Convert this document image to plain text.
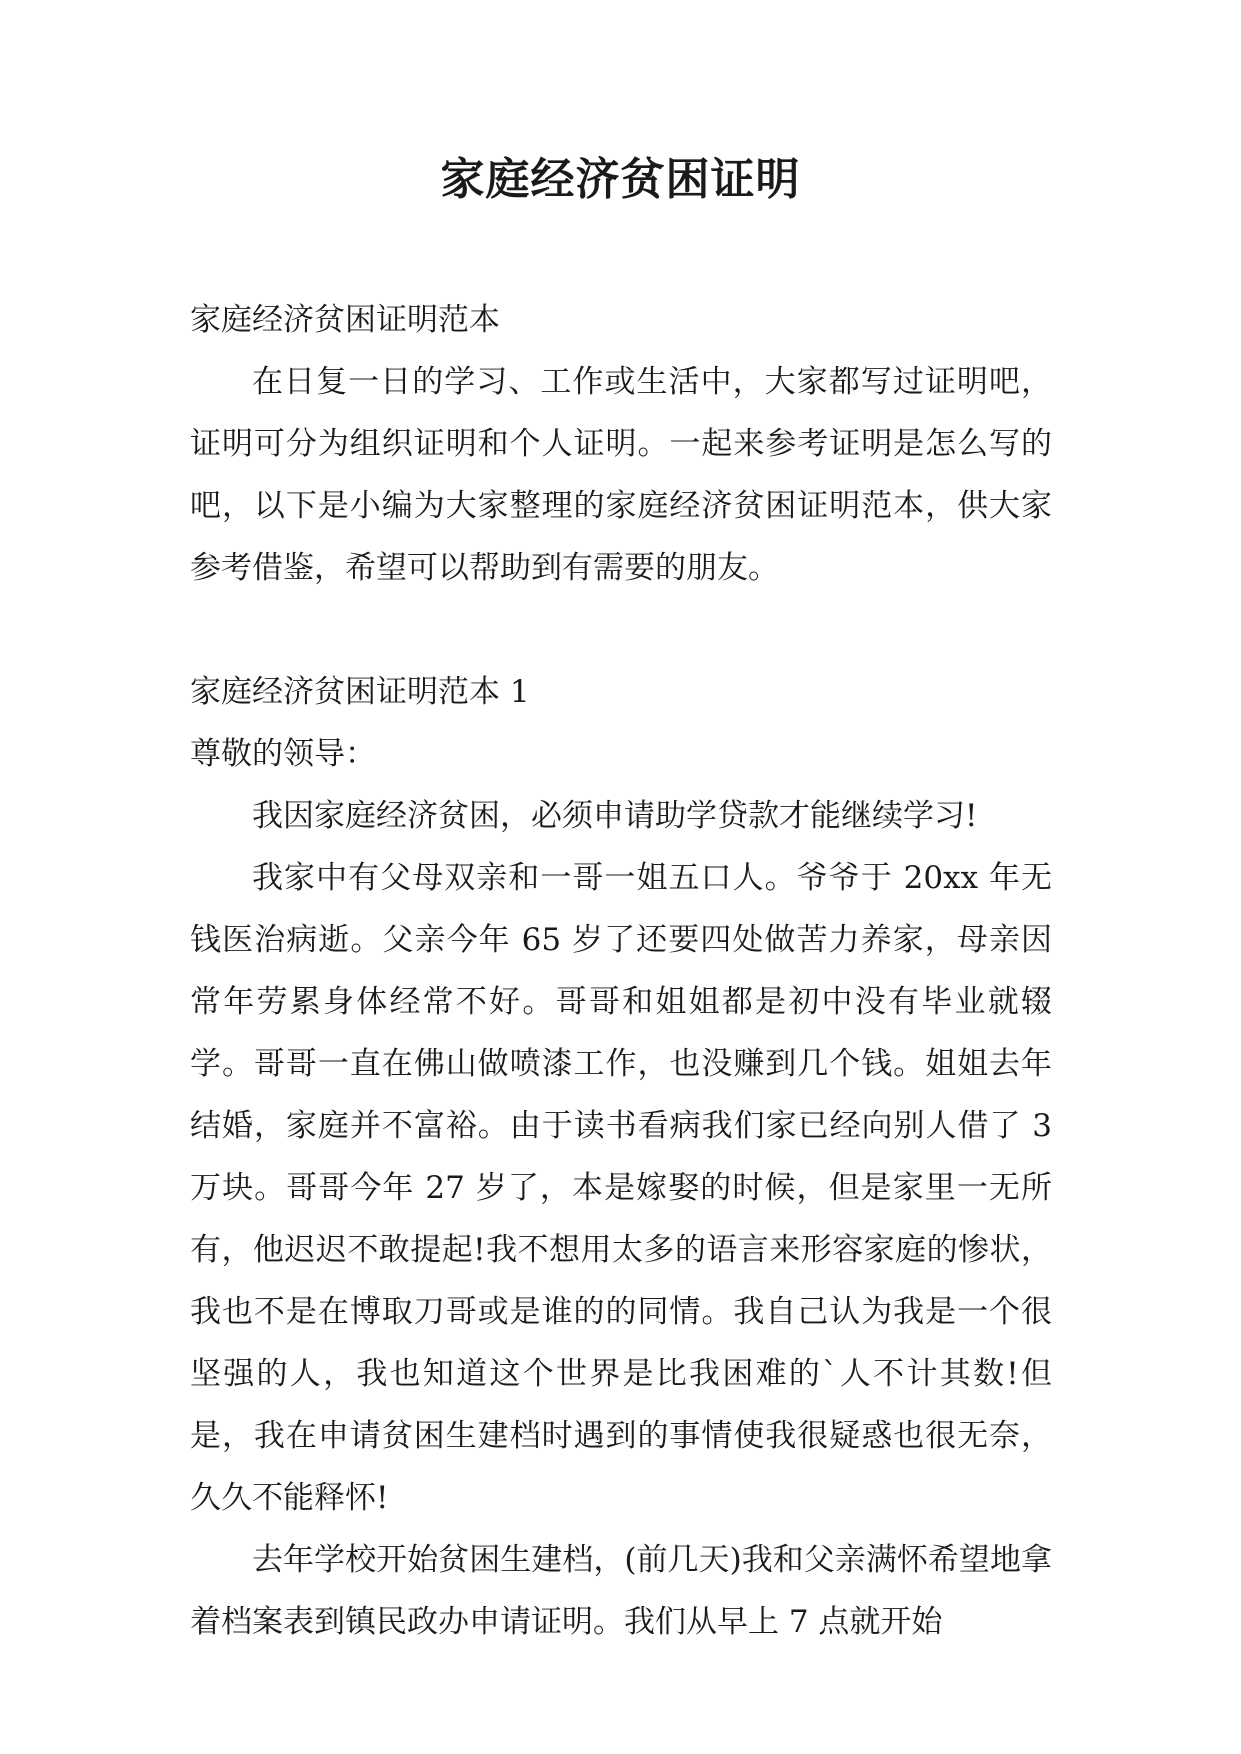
家庭经济贫困证明

家庭经济贫困证明范本

在日复一日的学习、工作或生活中，大家都写过证明吧，证明可分为组织证明和个人证明。一起来参考证明是怎么写的吧，以下是小编为大家整理的家庭经济贫困证明范本，供大家参考借鉴，希望可以帮助到有需要的朋友。

家庭经济贫困证明范本 1

尊敬的领导：

我因家庭经济贫困，必须申请助学贷款才能继续学习!

我家中有父母双亲和一哥一姐五口人。爷爷于 20xx 年无钱医治病逝。父亲今年 65 岁了还要四处做苦力养家，母亲因常年劳累身体经常不好。哥哥和姐姐都是初中没有毕业就辍学。哥哥一直在佛山做喷漆工作，也没赚到几个钱。姐姐去年结婚，家庭并不富裕。由于读书看病我们家已经向别人借了 3 万块。哥哥今年 27 岁了，本是嫁娶的时候，但是家里一无所有，他迟迟不敢提起!我不想用太多的语言来形容家庭的惨状，我也不是在博取刀哥或是谁的的同情。我自己认为我是一个很坚强的人，我也知道这个世界是比我困难的`人不计其数!但是，我在申请贫困生建档时遇到的事情使我很疑惑也很无奈，久久不能释怀!

去年学校开始贫困生建档，(前几天)我和父亲满怀希望地拿着档案表到镇民政办申请证明。我们从早上 7 点就开始
